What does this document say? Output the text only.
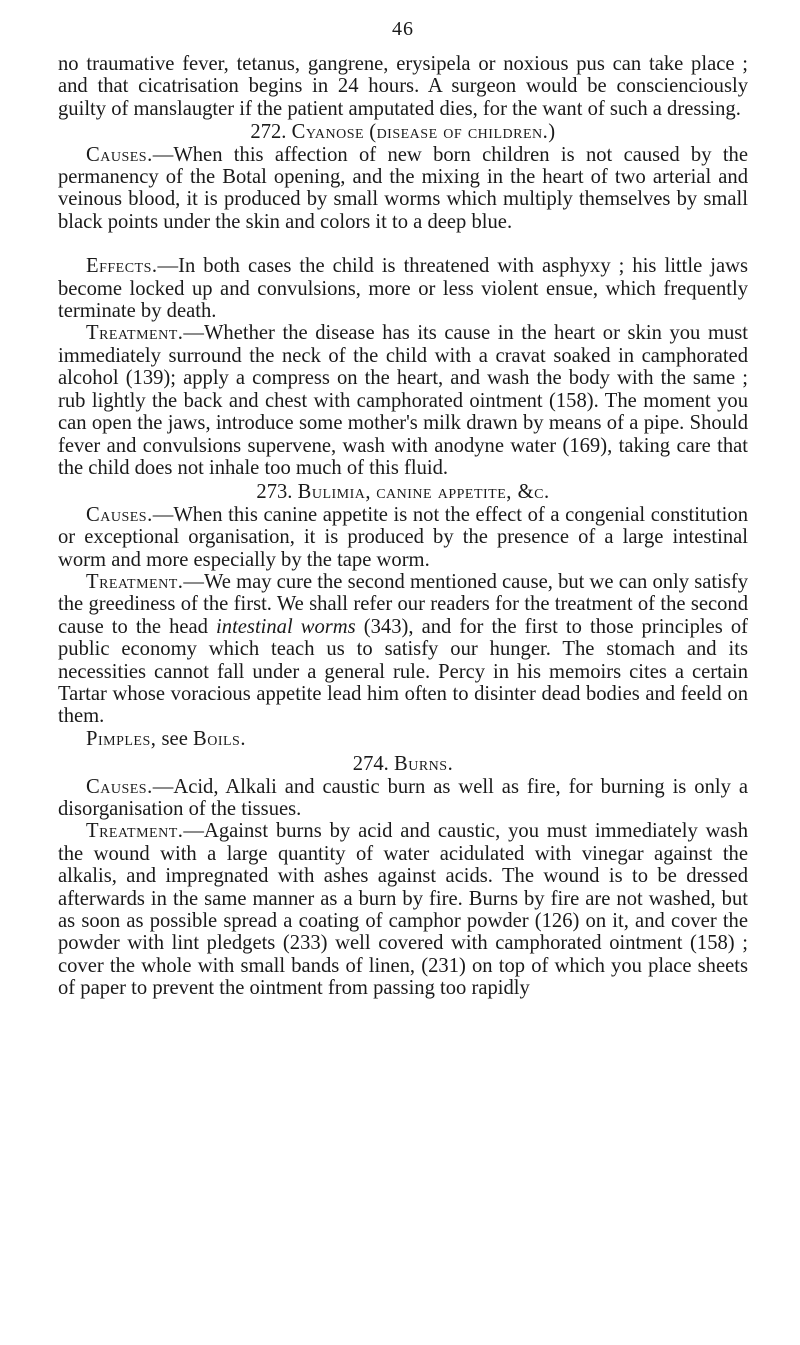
46

no traumative fever, tetanus, gangrene, erysipela or noxious pus can take place ; and that cicatrisation begins in 24 hours. A surgeon would be conscienciously guilty of manslaugter if the patient amputated dies, for the want of such a dressing.

272. Cyanose (disease of children.)

Causes.—When this affection of new born children is not caused by the permanency of the Botal opening, and the mixing in the heart of two arterial and veinous blood, it is produced by small worms which multiply themselves by small black points under the skin and colors it to a deep blue.

Effects.—In both cases the child is threatened with asphyxy ; his little jaws become locked up and convulsions, more or less violent ensue, which frequently terminate by death.

Treatment.—Whether the disease has its cause in the heart or skin you must immediately surround the neck of the child with a cravat soaked in camphorated alcohol (139); apply a compress on the heart, and wash the body with the same ; rub lightly the back and chest with camphorated ointment (158). The moment you can open the jaws, introduce some mother's milk drawn by means of a pipe. Should fever and convulsions supervene, wash with anodyne water (169), taking care that the child does not inhale too much of this fluid.

273. Bulimia, canine appetite, &c.

Causes.—When this canine appetite is not the effect of a congenial constitution or exceptional organisation, it is produced by the presence of a large intestinal worm and more especially by the tape worm.

Treatment.—We may cure the second mentioned cause, but we can only satisfy the greediness of the first. We shall refer our readers for the treatment of the second cause to the head intestinal worms (343), and for the first to those principles of public economy which teach us to satisfy our hunger. The stomach and its necessities cannot fall under a general rule. Percy in his memoirs cites a certain Tartar whose voracious appetite lead him often to disinter dead bodies and feeld on them.

Pimples, see Boils.

274. Burns.

Causes.—Acid, Alkali and caustic burn as well as fire, for burning is only a disorganisation of the tissues.

Treatment.—Against burns by acid and caustic, you must immediately wash the wound with a large quantity of water acidulated with vinegar against the alkalis, and impregnated with ashes against acids. The wound is to be dressed afterwards in the same manner as a burn by fire. Burns by fire are not washed, but as soon as possible spread a coating of camphor powder (126) on it, and cover the powder with lint pledgets (233) well covered with camphorated ointment (158) ; cover the whole with small bands of linen, (231) on top of which you place sheets of paper to prevent the ointment from passing too rapidly
